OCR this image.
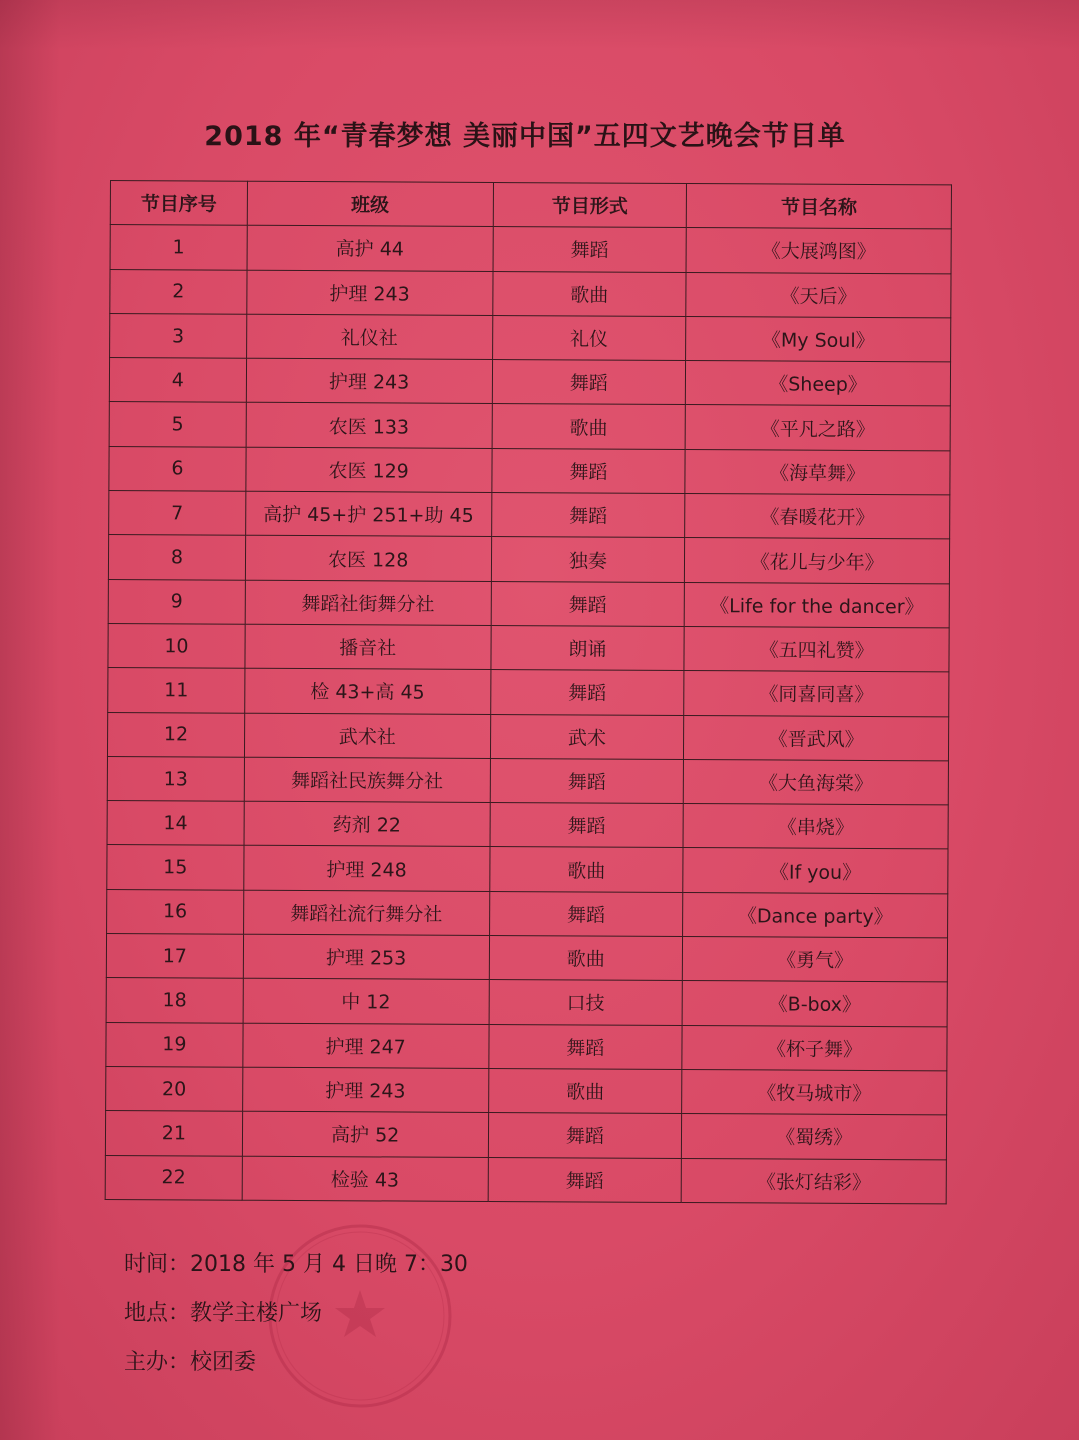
2018 年“青春梦想 美丽中国”五四文艺晚会节目单
节目序号	班级	节目形式	节目名称
1	高护 44	舞蹈	《大展鸿图》
2	护理 243	歌曲	《天后》
3	礼仪社	礼仪	《My Soul》
4	护理 243	舞蹈	《Sheep》
5	农医 133	歌曲	《平凡之路》
6	农医 129	舞蹈	《海草舞》
7	高护 45+护 251+助 45	舞蹈	《春暖花开》
8	农医 128	独奏	《花儿与少年》
9	舞蹈社街舞分社	舞蹈	《Life for the dancer》
10	播音社	朗诵	《五四礼赞》
11	检 43+高 45	舞蹈	《同喜同喜》
12	武术社	武术	《晋武风》
13	舞蹈社民族舞分社	舞蹈	《大鱼海棠》
14	药剂 22	舞蹈	《串烧》
15	护理 248	歌曲	《If you》
16	舞蹈社流行舞分社	舞蹈	《Dance party》
17	护理 253	歌曲	《勇气》
18	中 12	口技	《B-box》
19	护理 247	舞蹈	《杯子舞》
20	护理 243	歌曲	《牧马城市》
21	高护 52	舞蹈	《蜀绣》
22	检验 43	舞蹈	《张灯结彩》
时间：2018 年 5 月 4 日晚 7：30
地点：教学主楼广场
主办：校团委
